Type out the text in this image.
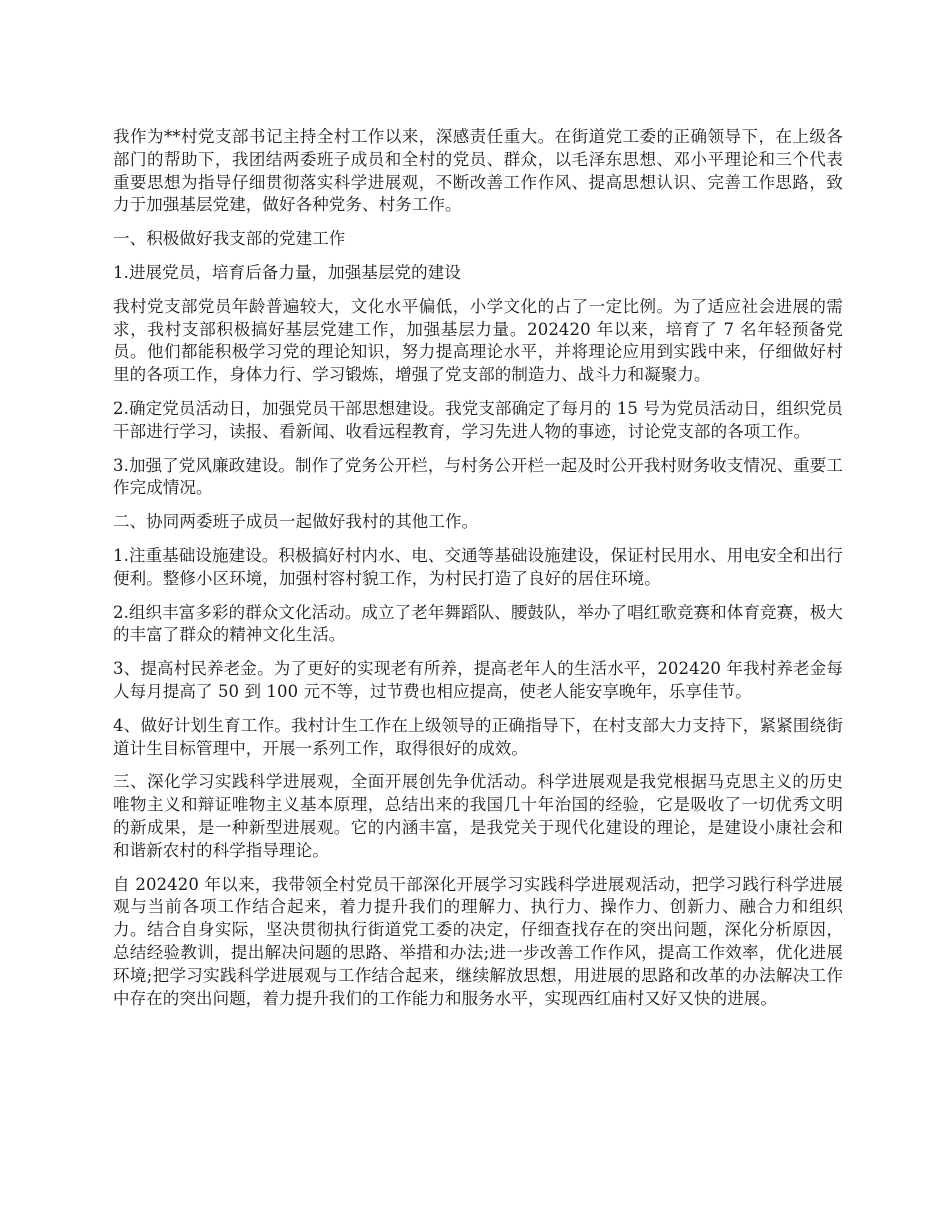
我作为**村党支部书记主持全村工作以来，深感责任重大。在街道党工委的正确领导下，在上级各部门的帮助下，我团结两委班子成员和全村的党员、群众，以毛泽东思想、邓小平理论和三个代表重要思想为指导仔细贯彻落实科学进展观，不断改善工作作风、提高思想认识、完善工作思路，致力于加强基层党建，做好各种党务、村务工作。

一、积极做好我支部的党建工作

1.进展党员，培育后备力量，加强基层党的建设

我村党支部党员年龄普遍较大，文化水平偏低，小学文化的占了一定比例。为了适应社会进展的需求，我村支部积极搞好基层党建工作，加强基层力量。202420 年以来，培育了 7 名年轻预备党员。他们都能积极学习党的理论知识，努力提高理论水平，并将理论应用到实践中来，仔细做好村里的各项工作，身体力行、学习锻炼，增强了党支部的制造力、战斗力和凝聚力。

2.确定党员活动日，加强党员干部思想建设。我党支部确定了每月的 15 号为党员活动日，组织党员干部进行学习，读报、看新闻、收看远程教育，学习先进人物的事迹，讨论党支部的各项工作。

3.加强了党风廉政建设。制作了党务公开栏，与村务公开栏一起及时公开我村财务收支情况、重要工作完成情况。

二、协同两委班子成员一起做好我村的其他工作。

1.注重基础设施建设。积极搞好村内水、电、交通等基础设施建设，保证村民用水、用电安全和出行便利。整修小区环境，加强村容村貌工作，为村民打造了良好的居住环境。

2.组织丰富多彩的群众文化活动。成立了老年舞蹈队、腰鼓队，举办了唱红歌竞赛和体育竞赛，极大的丰富了群众的精神文化生活。

3、提高村民养老金。为了更好的实现老有所养，提高老年人的生活水平，202420 年我村养老金每人每月提高了 50 到 100 元不等，过节费也相应提高，使老人能安享晚年，乐享佳节。

4、做好计划生育工作。我村计生工作在上级领导的正确指导下，在村支部大力支持下，紧紧围绕街道计生目标管理中，开展一系列工作，取得很好的成效。

三、深化学习实践科学进展观，全面开展创先争优活动。科学进展观是我党根据马克思主义的历史唯物主义和辩证唯物主义基本原理，总结出来的我国几十年治国的经验，它是吸收了一切优秀文明的新成果，是一种新型进展观。它的内涵丰富，是我党关于现代化建设的理论，是建设小康社会和和谐新农村的科学指导理论。

自 202420 年以来，我带领全村党员干部深化开展学习实践科学进展观活动，把学习践行科学进展观与当前各项工作结合起来，着力提升我们的理解力、执行力、操作力、创新力、融合力和组织力。结合自身实际，坚决贯彻执行街道党工委的决定，仔细查找存在的突出问题，深化分析原因，总结经验教训，提出解决问题的思路、举措和办法;进一步改善工作作风，提高工作效率，优化进展环境;把学习实践科学进展观与工作结合起来，继续解放思想，用进展的思路和改革的办法解决工作中存在的突出问题，着力提升我们的工作能力和服务水平，实现西红庙村又好又快的进展。
